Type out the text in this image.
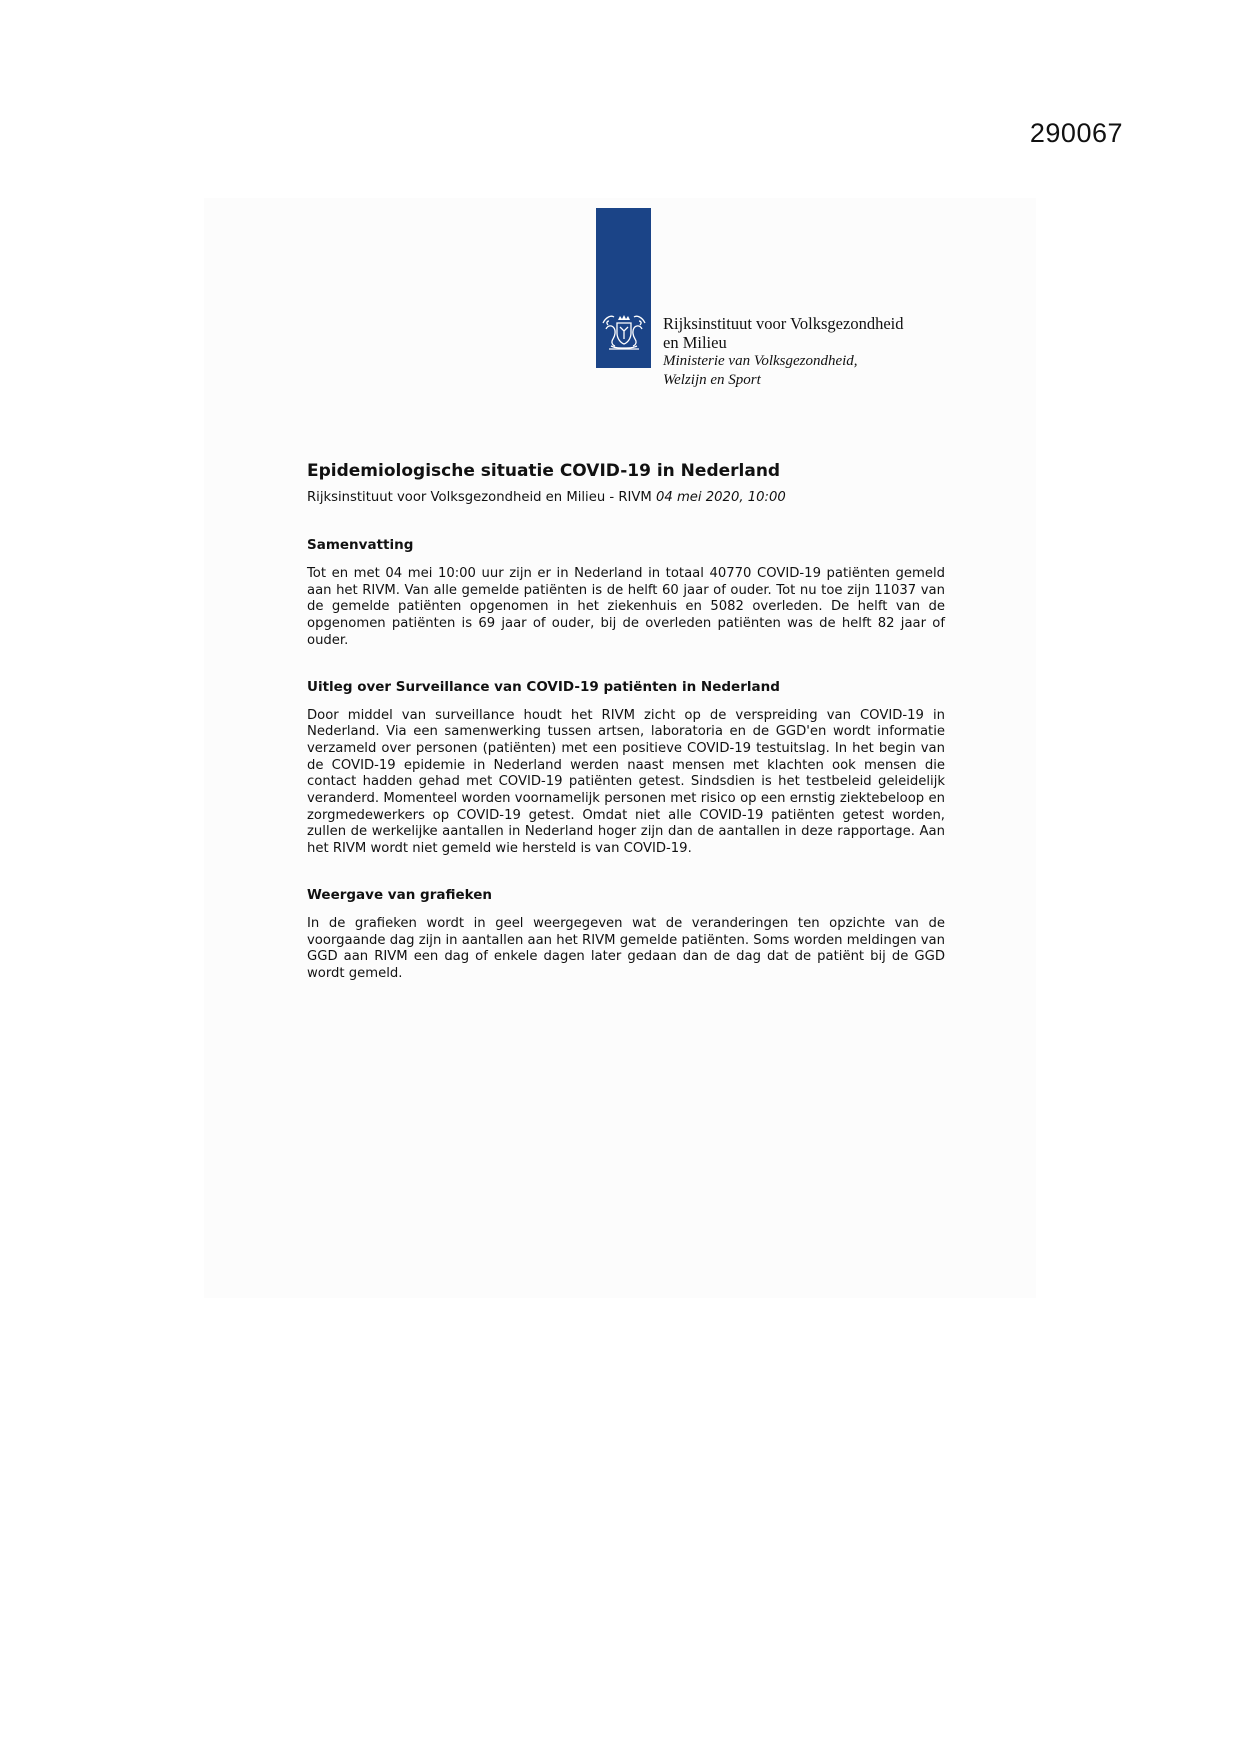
290067
Rijksinstituut voor Volksgezondheid
en Milieu
Ministerie van Volksgezondheid,
Welzijn en Sport
Epidemiologische situatie COVID-19 in Nederland

Rijksinstituut voor Volksgezondheid en Milieu - RIVM 04 mei 2020, 10:00

Samenvatting

Tot en met 04 mei 10:00 uur zijn er in Nederland in totaal 40770 COVID-19 patiënten gemeld aan het RIVM. Van alle gemelde patiënten is de helft 60 jaar of ouder. Tot nu toe zijn 11037 van de gemelde patiënten opgenomen in het ziekenhuis en 5082 overleden. De helft van de opgenomen patiënten is 69 jaar of ouder, bij de overleden patiënten was de helft 82 jaar of ouder.

Uitleg over Surveillance van COVID-19 patiënten in Nederland

Door middel van surveillance houdt het RIVM zicht op de verspreiding van COVID-19 in Nederland. Via een samenwerking tussen artsen, laboratoria en de GGD'en wordt informatie verzameld over personen (patiënten) met een positieve COVID-19 testuitslag. In het begin van de COVID-19 epidemie in Nederland werden naast mensen met klachten ook mensen die contact hadden gehad met COVID-19 patiënten getest. Sindsdien is het testbeleid geleidelijk veranderd. Momenteel worden voornamelijk personen met risico op een ernstig ziektebeloop en zorgmedewerkers op COVID-19 getest. Omdat niet alle COVID-19 patiënten getest worden, zullen de werkelijke aantallen in Nederland hoger zijn dan de aantallen in deze rapportage. Aan het RIVM wordt niet gemeld wie hersteld is van COVID-19.

Weergave van grafieken

In de grafieken wordt in geel weergegeven wat de veranderingen ten opzichte van de voorgaande dag zijn in aantallen aan het RIVM gemelde patiënten. Soms worden meldingen van GGD aan RIVM een dag of enkele dagen later gedaan dan de dag dat de patiënt bij de GGD wordt gemeld.
